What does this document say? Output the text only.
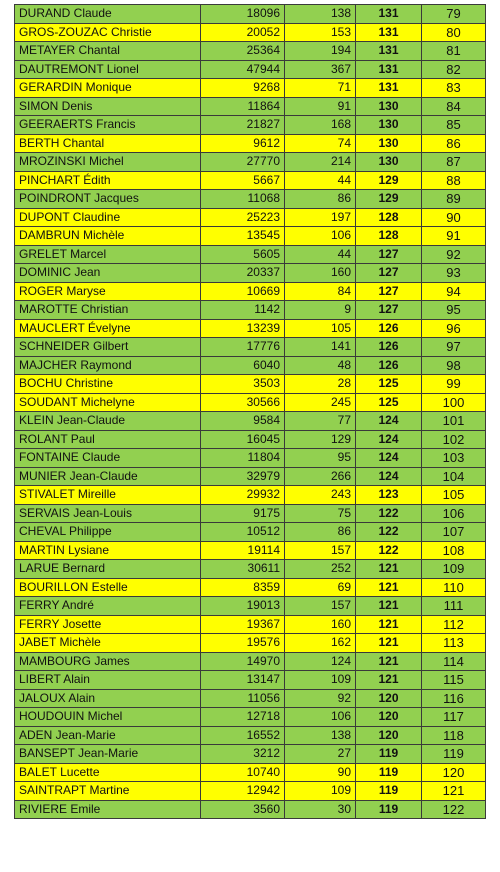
DURAND Claude	18096	138	131	79
GROS-ZOUZAC Christie	20052	153	131	80
METAYER Chantal	25364	194	131	81
DAUTREMONT Lionel	47944	367	131	82
GERARDIN Monique	9268	71	131	83
SIMON Denis	11864	91	130	84
GEERAERTS Francis	21827	168	130	85
BERTH Chantal	9612	74	130	86
MROZINSKI Michel	27770	214	130	87
PINCHART Édith	5667	44	129	88
POINDRONT Jacques	11068	86	129	89
DUPONT Claudine	25223	197	128	90
DAMBRUN Michèle	13545	106	128	91
GRELET Marcel	5605	44	127	92
DOMINIC Jean	20337	160	127	93
ROGER Maryse	10669	84	127	94
MAROTTE Christian	1142	9	127	95
MAUCLERT Évelyne	13239	105	126	96
SCHNEIDER Gilbert	17776	141	126	97
MAJCHER Raymond	6040	48	126	98
BOCHU Christine	3503	28	125	99
SOUDANT Michelyne	30566	245	125	100
KLEIN Jean-Claude	9584	77	124	101
ROLANT Paul	16045	129	124	102
FONTAINE Claude	11804	95	124	103
MUNIER Jean-Claude	32979	266	124	104
STIVALET Mireille	29932	243	123	105
SERVAIS Jean-Louis	9175	75	122	106
CHEVAL Philippe	10512	86	122	107
MARTIN Lysiane	19114	157	122	108
LARUE Bernard	30611	252	121	109
BOURILLON Estelle	8359	69	121	110
FERRY André	19013	157	121	111
FERRY Josette	19367	160	121	112
JABET Michèle	19576	162	121	113
MAMBOURG James	14970	124	121	114
LIBERT Alain	13147	109	121	115
JALOUX Alain	11056	92	120	116
HOUDOUIN Michel	12718	106	120	117
ADEN Jean-Marie	16552	138	120	118
BANSEPT Jean-Marie	3212	27	119	119
BALET Lucette	10740	90	119	120
SAINTRAPT Martine	12942	109	119	121
RIVIERE Emile	3560	30	119	122
